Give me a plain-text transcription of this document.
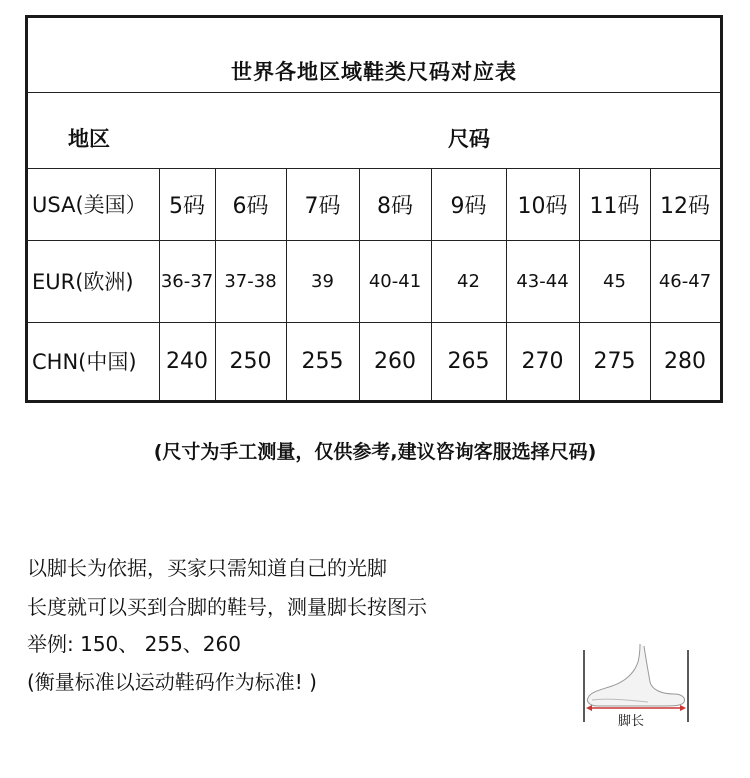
世界各地区域鞋类尺码对应表
地区	尺码
USA(美国）	5码	6码	7码	8码	9码	10码	11码 12码
EUR(欧洲) 36-37 37-38	39	40-41	42	43-44	45	46-47
CHN(中国)	240 250	255	260	265	270	275	280
(尺寸为手工测量，仅供参考,建议咨询客服选择尺码)
以脚长为依据，买家只需知道自己的光脚
长度就可以买到合脚的鞋号，测量脚长按图示
举例: 150、 255、260
(衡量标准以运动鞋码作为标准! )
脚长
